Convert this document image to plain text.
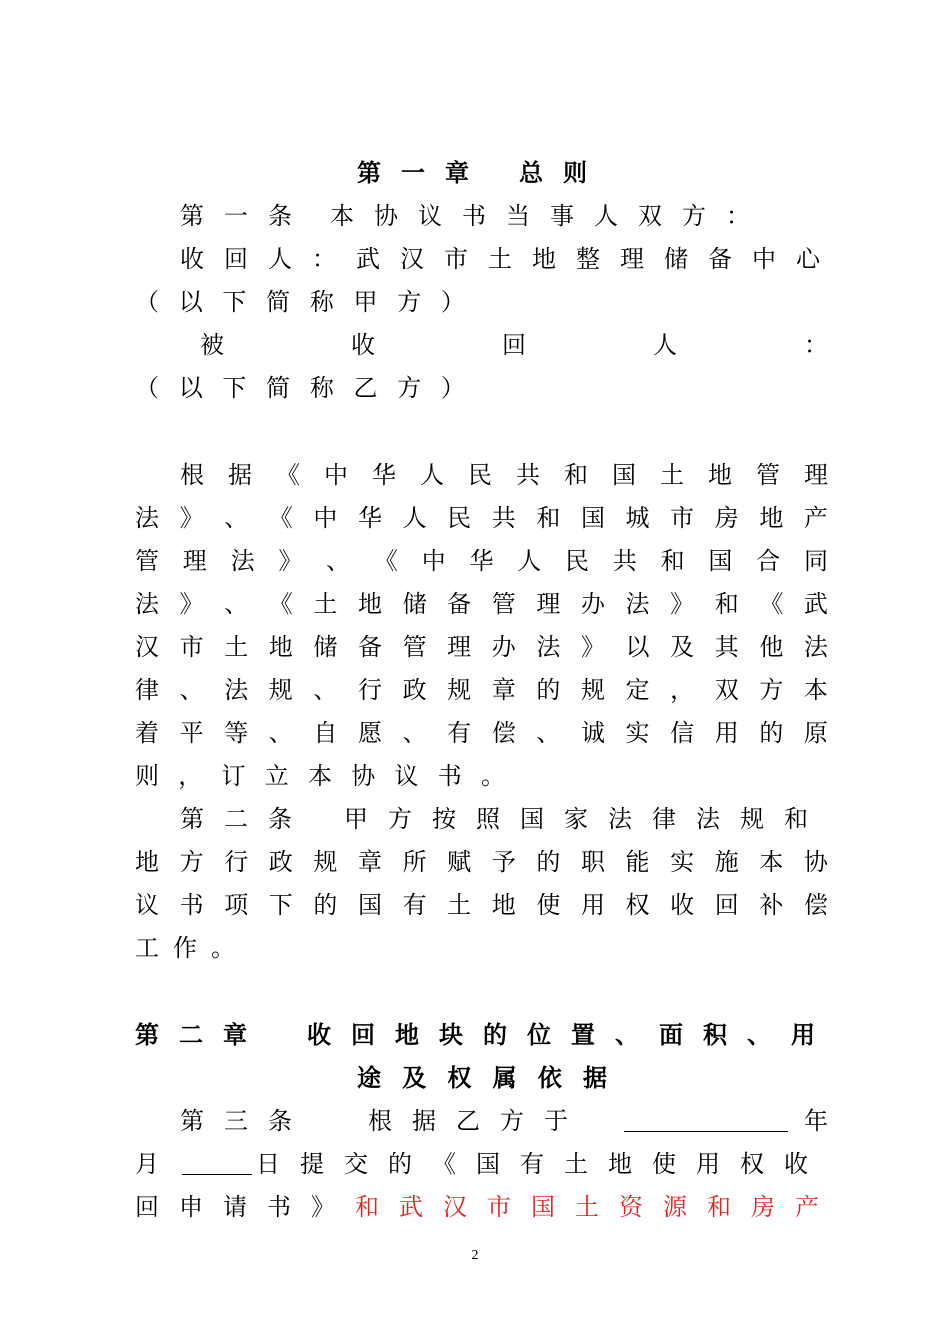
第一章 总则
第一条 本协议书当事人双方：
收回人： 武汉市土地整理储备中心
（ 以 下 简 称 甲 方 ）
被	收	回	人	：
（ 以 下 简 称 乙 方 ）
根 据 《 中 华 人 民 共 和 国 土 地 管 理
法 》 、 《 中 华 人 民 共 和 国 城 市 房 地 产
管 理 法 》 、 《 中 华 人 民 共 和 国 合 同
法 》 、 《 土 地 储 备 管 理 办 法 》 和 《 武
汉 市 土 地 储 备 管 理 办 法 》 以 及 其 他 法
律 、 法 规 、 行 政 规 章 的 规 定 ， 双 方 本
着 平 等 、 自 愿 、 有 偿 、 诚 实 信 用 的 原
则 ， 订 立 本 协 议 书 。
第二条 甲方按照国家法律法规和
地 方 行 政 规 章 所 赋 予 的 职 能 实 施 本 协
议 书 项 下 的 国 有 土 地 使 用 权 收 回 补 偿
工 作 。
第二章 收回地块的位置、面积、用
途 及 权 属 依 据
第三条 根据乙方于	年
月	日提交的《国有土地使用权收
回申请书》 和武汉市国土资源和房产
2
